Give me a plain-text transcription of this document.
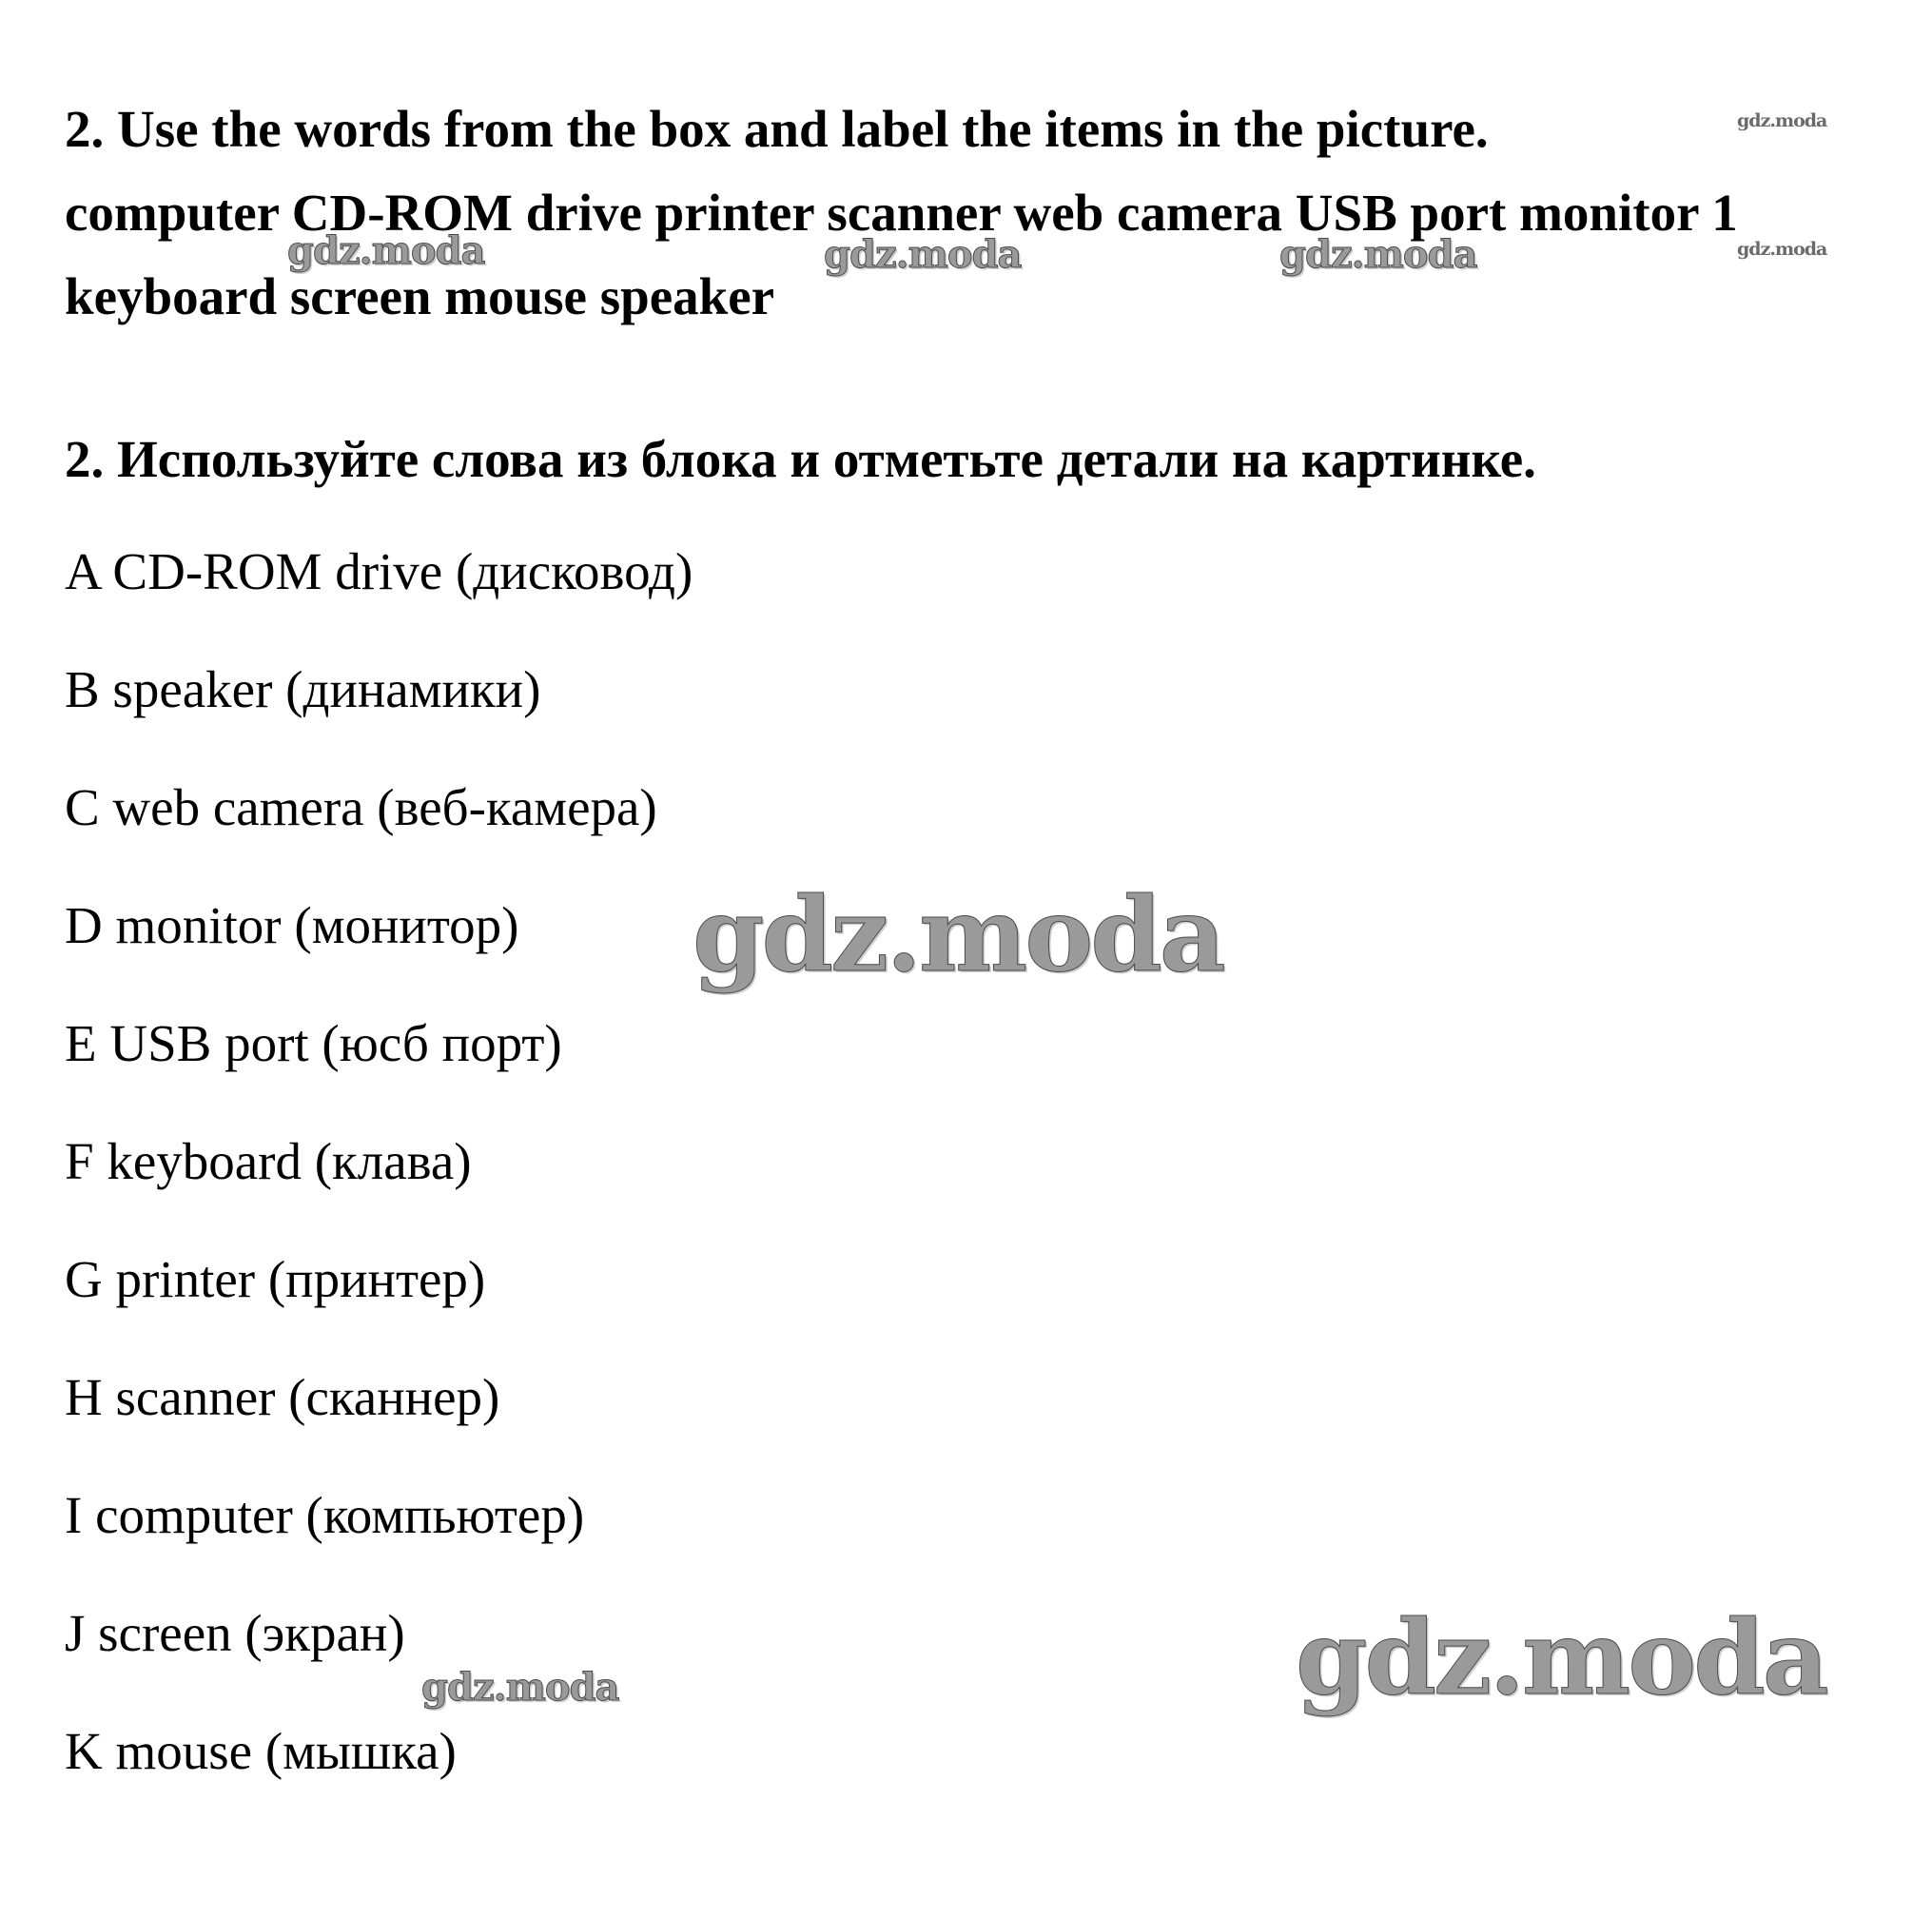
2. Use the words from the box and label the items in the picture.
computer CD-ROM drive printer scanner web camera USB port monitor 1
keyboard screen mouse speaker
2. Используйте слова из блока и отметьте детали на картинке.
A CD-ROM drive (дисковод)
B speaker (динамики)
C web camera (веб-камера)
D monitor (монитор)
E USB port (юсб порт)
F keyboard (клава)
G printer (принтер)
H scanner (сканнер)
I computer (компьютер)
J screen (экран)
K mouse (мышка)
gdz.moda
gdz.moda
gdz.moda	gdz.moda	gdz.moda
gdz.moda
gdz.moda	gdz.moda
